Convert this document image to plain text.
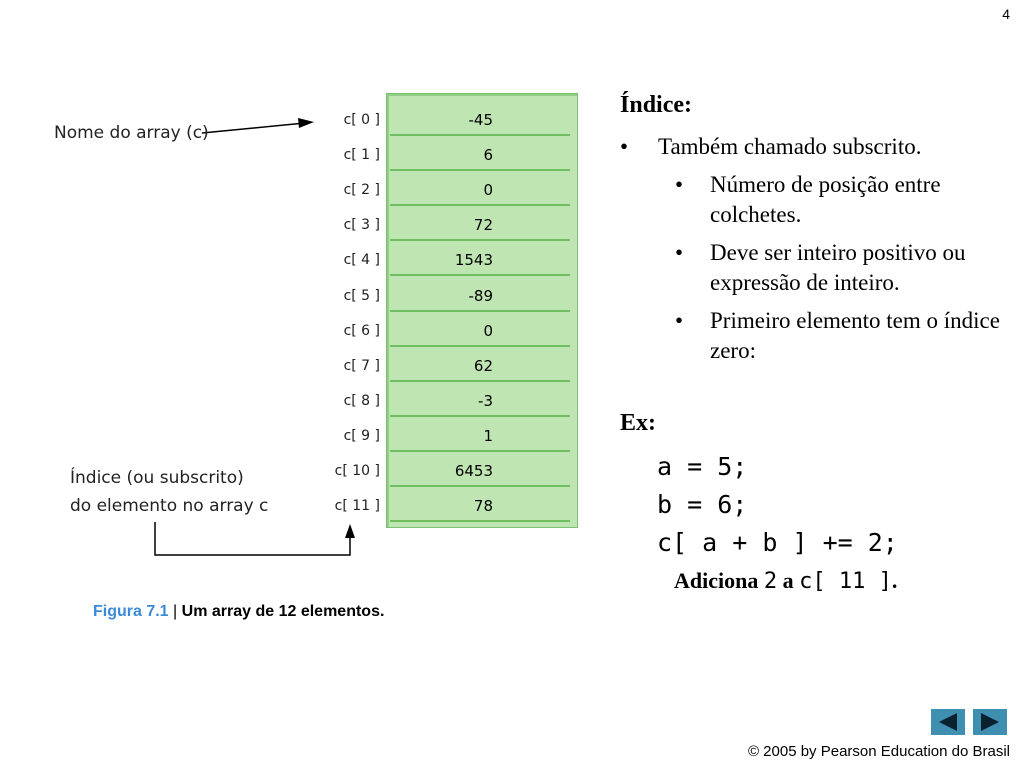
4
-45
6
0
72
1543
-89
0
62
-3
1
6453
78
c[ 0 ]
c[ 1 ]
c[ 2 ]
c[ 3 ]
c[ 4 ]
c[ 5 ]
c[ 6 ]
c[ 7 ]
c[ 8 ]
c[ 9 ]
c[ 10 ]
c[ 11 ]
Nome do array (c)
Índice (ou subscrito)
do elemento no array c
Figura 7.1 | Um array de 12 elementos.
Índice:
• Também chamado subscrito.
• Número de posição entre colchetes.
• Deve ser inteiro positivo ou expressão de inteiro.
• Primeiro elemento tem o índice zero:
Ex:
a = 5;
b = 6;
c[ a + b ] += 2;
Adiciona 2 a c[ 11 ].
© 2005 by Pearson Education do Brasil
